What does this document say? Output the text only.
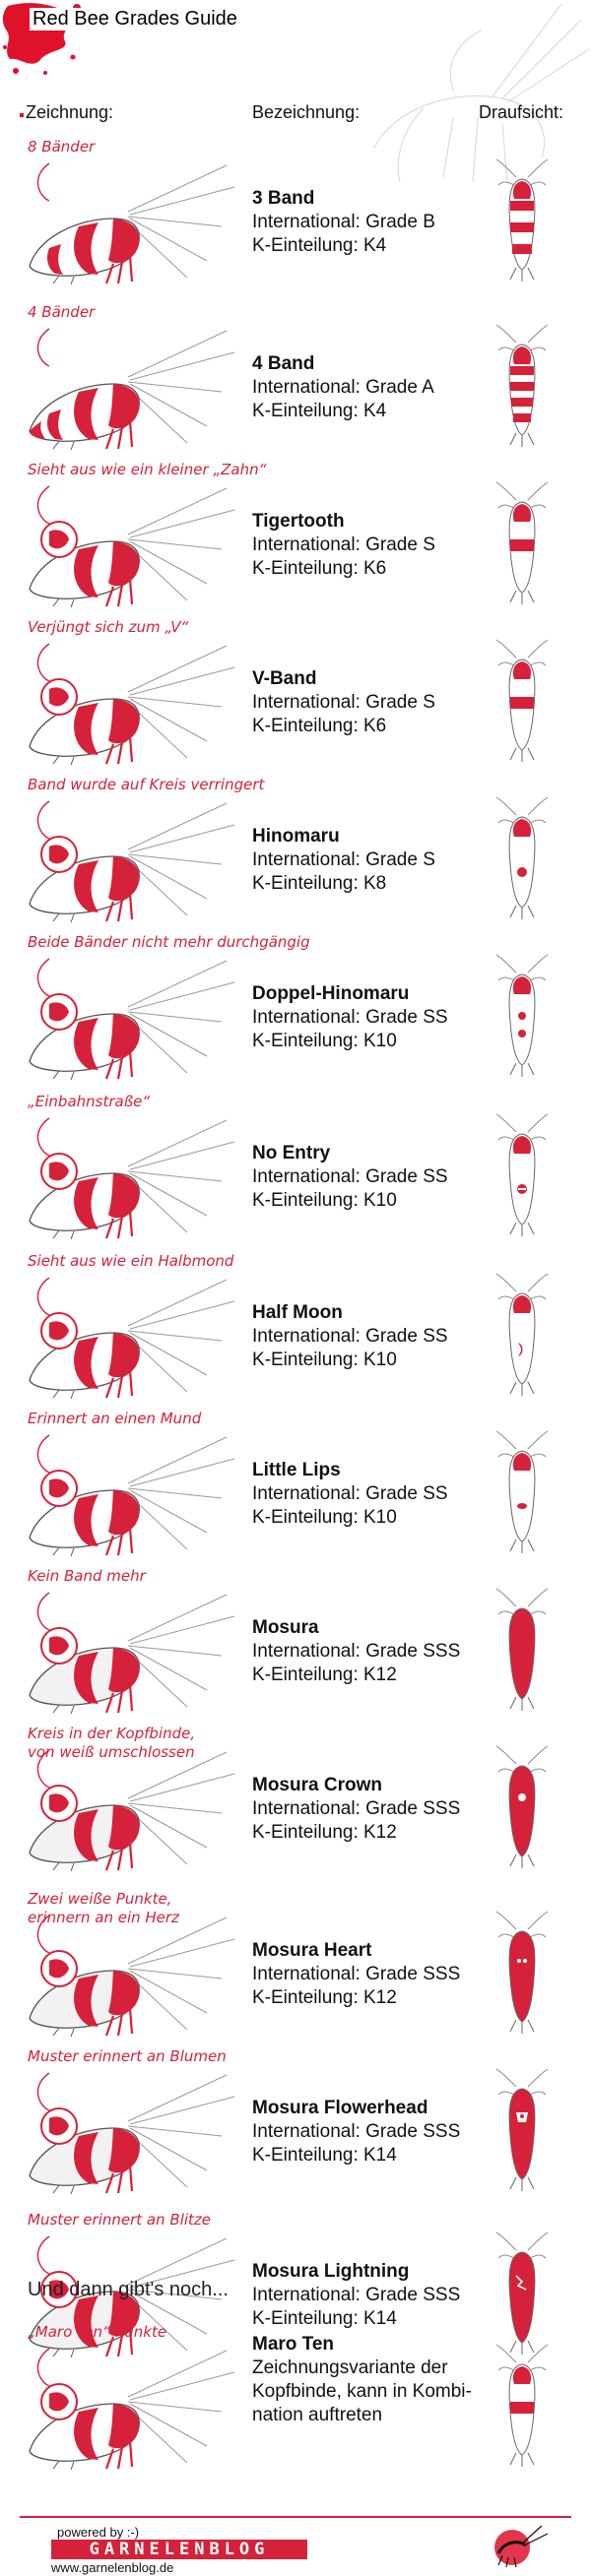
Red Bee Grades Guide
Zeichnung:	Bezeichnung:	Draufsicht:
8 Bänder
3 Band
International: Grade B
K-Einteilung: K4
4 Bänder
4 Band
International: Grade A
K-Einteilung: K4
Sieht aus wie ein kleiner „Zahn“
Tigertooth
International: Grade S
K-Einteilung: K6
Verjüngt sich zum „V“
V-Band
International: Grade S
K-Einteilung: K6
Band wurde auf Kreis verringert
Hinomaru
International: Grade S
K-Einteilung: K8
Beide Bänder nicht mehr durchgängig
Doppel-Hinomaru
International: Grade SS
K-Einteilung: K10
„Einbahnstraße“
No Entry
International: Grade SS
K-Einteilung: K10
Sieht aus wie ein Halbmond
Half Moon
International: Grade SS
K-Einteilung: K10
Erinnert an einen Mund
Little Lips
International: Grade SS
K-Einteilung: K10
Kein Band mehr
Mosura
International: Grade SSS
K-Einteilung: K12
Kreis in der Kopfbinde,
von weiß umschlossen
Mosura Crown
International: Grade SSS
K-Einteilung: K12
Zwei weiße Punkte,
erinnern an ein Herz
Mosura Heart
International: Grade SSS
K-Einteilung: K12
Muster erinnert an Blumen
Mosura Flowerhead
International: Grade SSS
K-Einteilung: K14
Muster erinnert an Blitze
Mosura Lightning
International: Grade SSS
K-Einteilung: K14
Und dann gibt's noch...
„Maro Ten“-Punkte
Maro Ten
Zeichnungsvariante der
Kopfbinde, kann in Kombi-
nation auftreten
powered by :-)
GARNELENBLOG
www.garnelenblog.de
